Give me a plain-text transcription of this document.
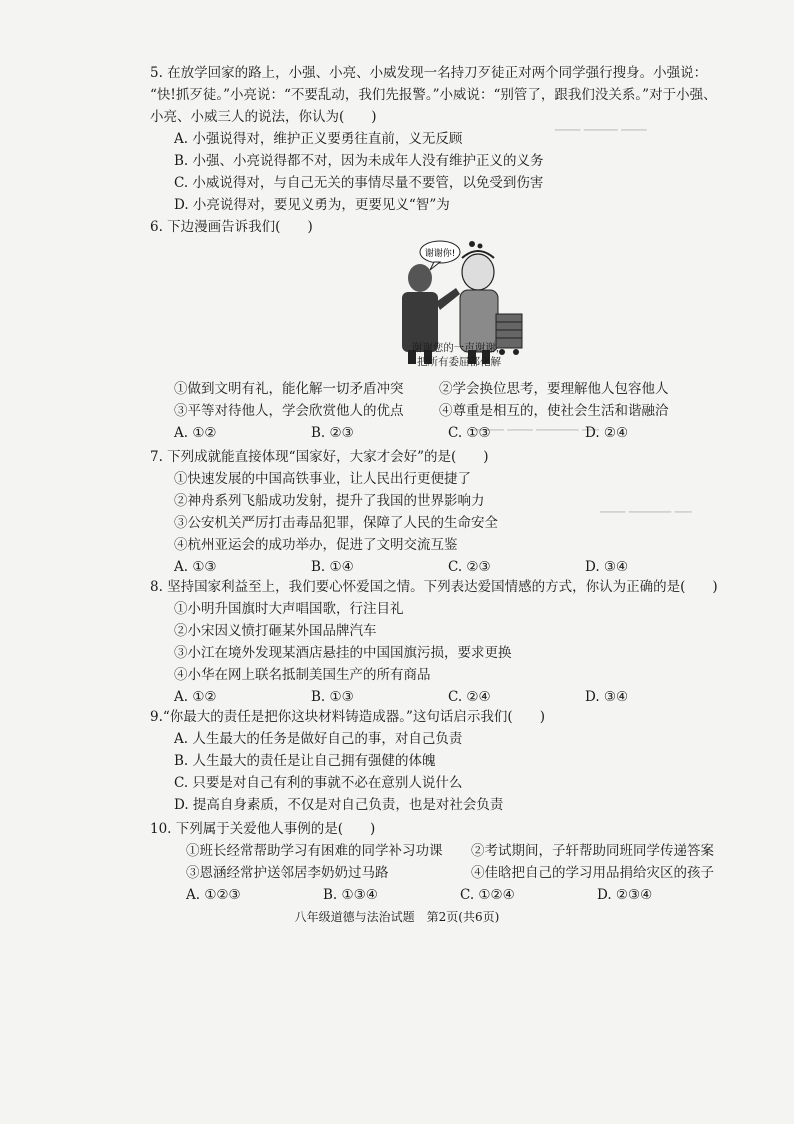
▁▁▁ ▁▁▁▁ ▁▁▁
▁▁▁▁ ▁▁▁ ▁▁▁▁▁ ▁▁
▁▁▁ ▁▁▁▁▁ ▁▁
5. 在放学回家的路上，小强、小亮、小威发现一名持刀歹徒正对两个同学强行搜身。小强说：
“快!抓歹徒。”小亮说：“不要乱动，我们先报警。”小威说：“别管了，跟我们没关系。”对于小强、
小亮、小威三人的说法，你认为(　　)
A. 小强说得对，维护正义要勇往直前，义无反顾
B. 小强、小亮说得都不对，因为未成年人没有维护正义的义务
C. 小威说得对，与自己无关的事情尽量不要管，以免受到伤害
D. 小亮说得对，要见义勇为，更要见义“智”为
6. 下边漫画告诉我们(　　)
谢谢你!
谢谢您的一声谢谢，
把所有委屈都化解
①做到文明有礼，能化解一切矛盾冲突	②学会换位思考，要理解他人包容他人
③平等对待他人，学会欣赏他人的优点	④尊重是相互的，使社会生活和谐融洽
A. ①②	B. ②③	C. ①③	D. ②④
7. 下列成就能直接体现“国家好，大家才会好”的是(　　)
①快速发展的中国高铁事业，让人民出行更便捷了
②神舟系列飞船成功发射，提升了我国的世界影响力
③公安机关严厉打击毒品犯罪，保障了人民的生命安全
④杭州亚运会的成功举办，促进了文明交流互鉴
A. ①③	B. ①④	C. ②③	D. ③④
8. 坚持国家利益至上，我们要心怀爱国之情。下列表达爱国情感的方式，你认为正确的是(　　)
①小明升国旗时大声唱国歌，行注目礼
②小宋因义愤打砸某外国品牌汽车
③小江在境外发现某酒店悬挂的中国国旗污损，要求更换
④小华在网上联名抵制美国生产的所有商品
A. ①②	B. ①③	C. ②④	D. ③④
9.“你最大的责任是把你这块材料铸造成器。”这句话启示我们(　　)
A. 人生最大的任务是做好自己的事，对自己负责
B. 人生最大的责任是让自己拥有强健的体魄
C. 只要是对自己有利的事就不必在意别人说什么
D. 提高自身素质，不仅是对自己负责，也是对社会负责
10. 下列属于关爱他人事例的是(　　)
①班长经常帮助学习有困难的同学补习功课	②考试期间，子轩帮助同班同学传递答案
③恩涵经常护送邻居李奶奶过马路	④佳晗把自己的学习用品捐给灾区的孩子
A. ①②③	B. ①③④	C. ①②④	D. ②③④
八年级道德与法治试题　第2页(共6页)
